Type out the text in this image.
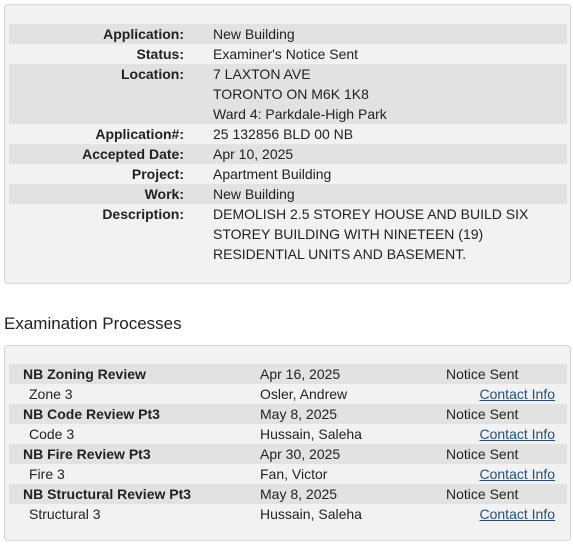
Application: New Building
Status: Examiner's Notice Sent
Location: 7 LAXTON AVE
TORONTO ON M6K 1K8
Ward 4: Parkdale-High Park
Application#: 25 132856 BLD 00 NB
Accepted Date: Apr 10, 2025
Project: Apartment Building
Work: New Building
Description: DEMOLISH 2.5 STOREY HOUSE AND BUILD SIX
STOREY BUILDING WITH NINETEEN (19)
RESIDENTIAL UNITS AND BASEMENT.
Examination Processes
NB Zoning Review	Apr 16, 2025	Notice Sent
Zone 3	Osler, Andrew	Contact Info
NB Code Review Pt3	May 8, 2025	Notice Sent
Code 3	Hussain, Saleha	Contact Info
NB Fire Review Pt3	Apr 30, 2025	Notice Sent
Fire 3	Fan, Victor	Contact Info
NB Structural Review Pt3	May 8, 2025	Notice Sent
Structural 3	Hussain, Saleha	Contact Info
